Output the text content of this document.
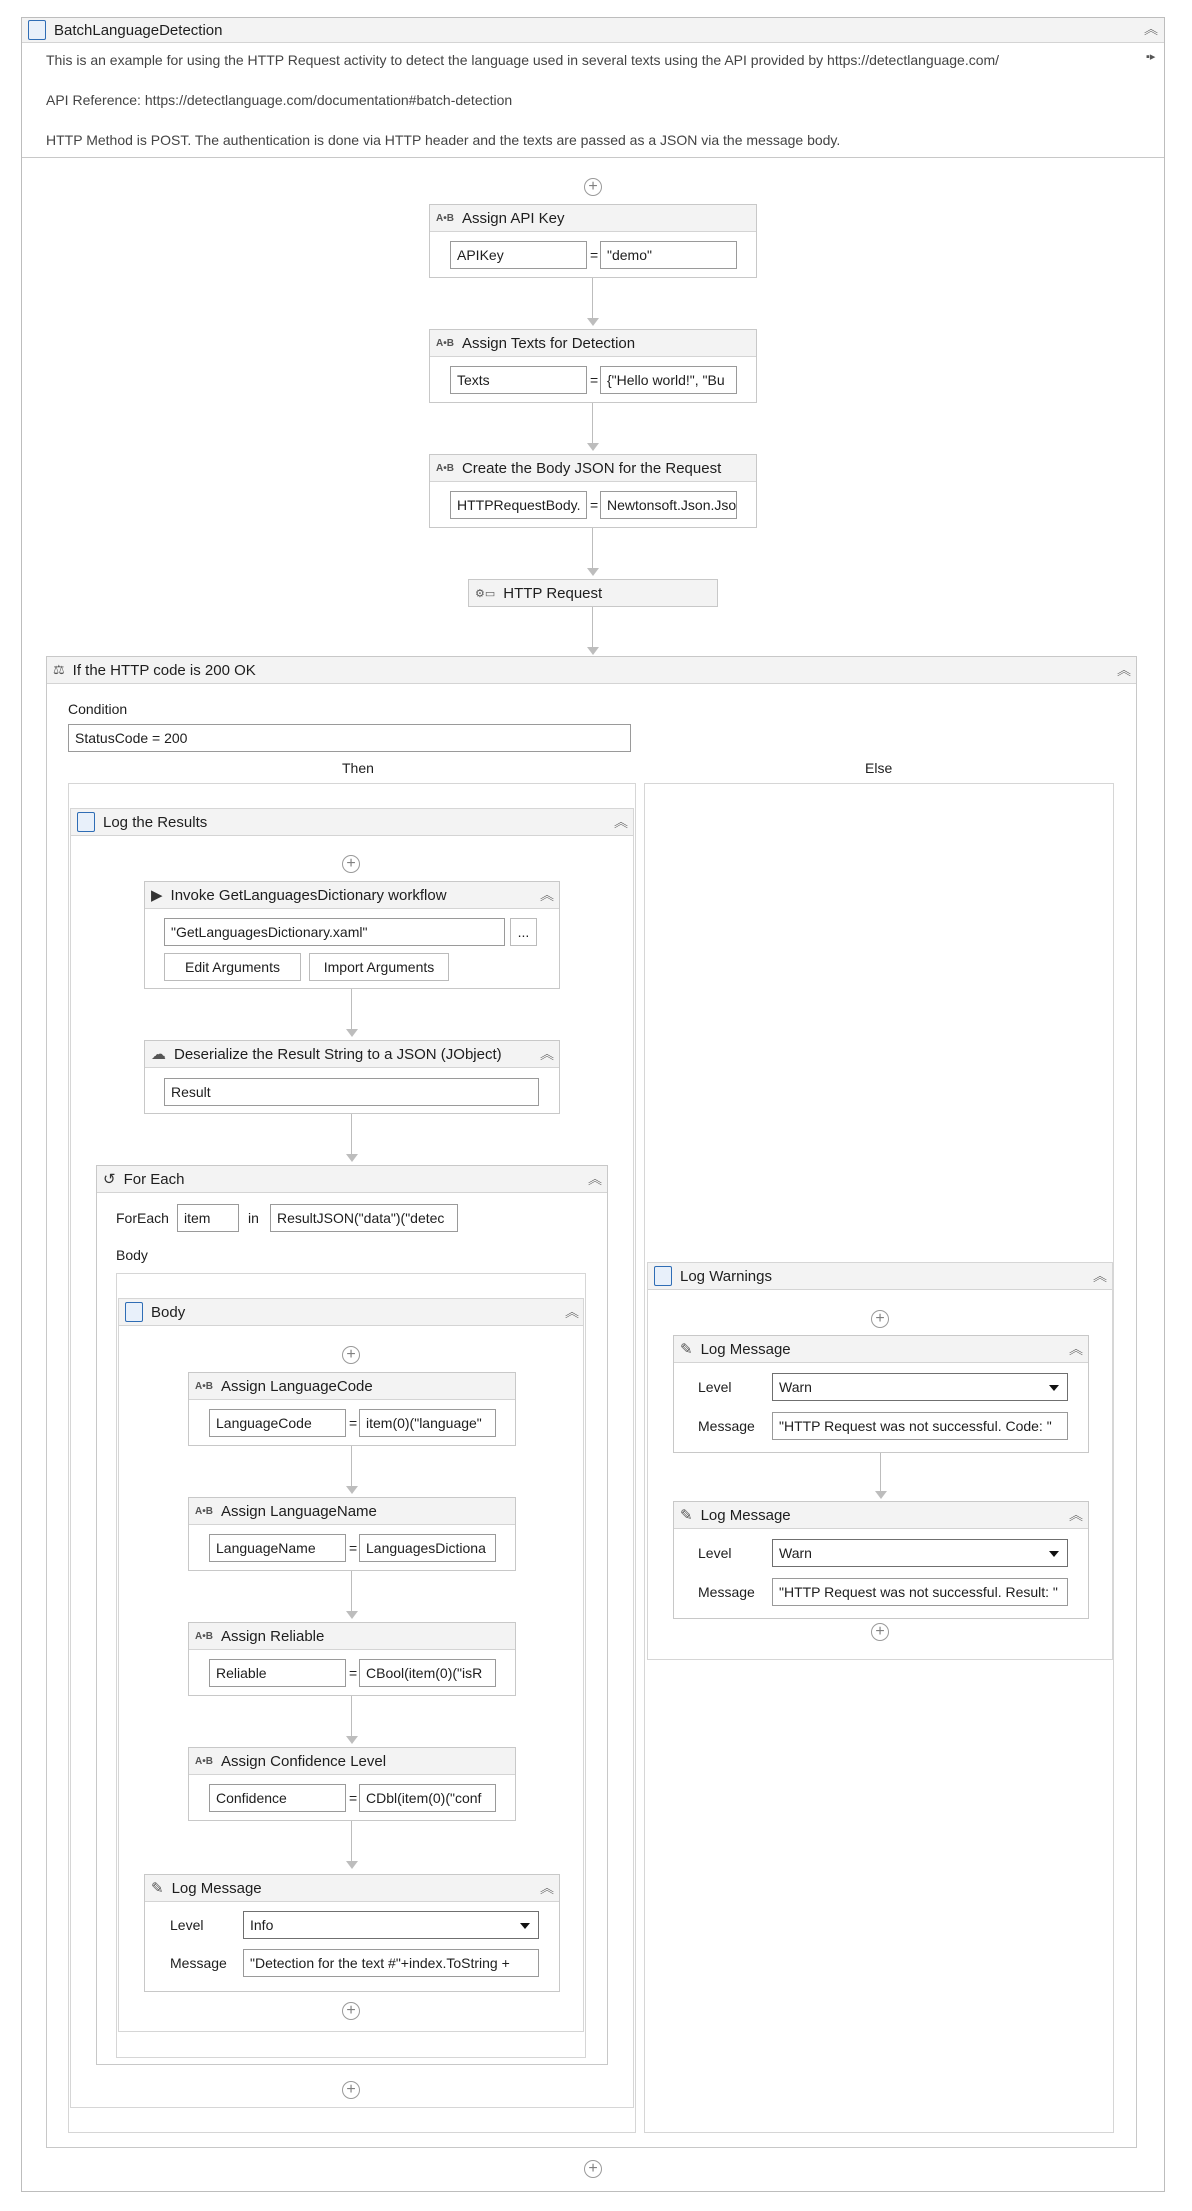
BatchLanguageDetection	︽
▪▸
This is an example for using the HTTP Request activity to detect the language used in several texts using the API provided by https://detectlanguage.com/
API Reference: https://detectlanguage.com/documentation#batch-detection
HTTP Method is POST. The authentication is done via HTTP header and the texts are passed as a JSON via the message body.
+
A•B Assign API Key
APIKey	= "demo"
A•B Assign Texts for Detection
Texts	= {"Hello world!", "Bu
A•B Create the Body JSON for the Request
HTTPRequestBody. = Newtonsoft.Json.Jso
⚙▭ HTTP Request
⚖ If the HTTP code is 200 OK	︽
Condition
StatusCode = 200
Then	Else
Log the Results	︽
+
▶ Invoke GetLanguagesDictionary workflow	︽
"GetLanguagesDictionary.xaml"	...
Edit Arguments	Import Arguments
☁ Deserialize the Result String to a JSON (JObject)	︽
Result
↺ For Each	︽
ForEach	item	in	ResultJSON("data")("detec
Body
Body	︽
+
A•B Assign LanguageCode
LanguageCode	= item(0)("language"
A•B Assign LanguageName
LanguageName	= LanguagesDictiona
A•B Assign Reliable
Reliable	= CBool(item(0)("isR
A•B Assign Confidence Level
Confidence	= CDbl(item(0)("conf
✎ Log Message	︽
Level	Info
Message	"Detection for the text #"+index.ToString +
+
+
Log Warnings	︽
+
✎ Log Message	︽
Level	Warn
Message	"HTTP Request was not successful. Code: "
✎ Log Message	︽
Level	Warn
Message	"HTTP Request was not successful. Result: "
+
+
